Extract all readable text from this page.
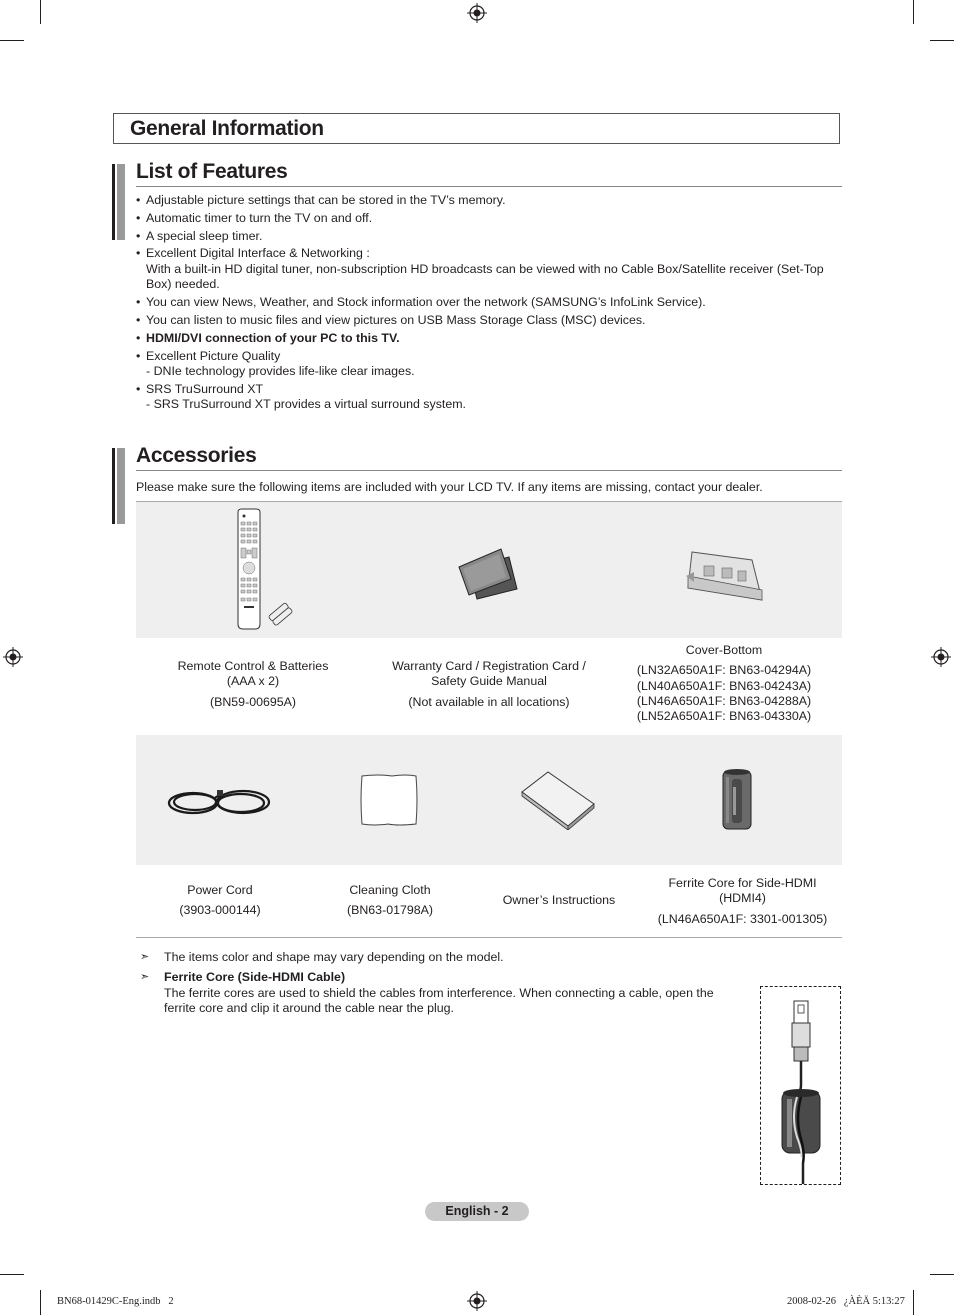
General Information
List of Features
• Adjustable picture settings that can be stored in the TV’s memory.
• Automatic timer to turn the TV on and off.
• A special sleep timer.
• Excellent Digital Interface & Networking :
With a built-in HD digital tuner, non-subscription HD broadcasts can be viewed with no Cable Box/Satellite receiver (Set-Top Box) needed.
• You can view News, Weather, and Stock information over the network (SAMSUNG’s InfoLink Service).
• You can listen to music files and view pictures on USB Mass Storage Class (MSC) devices.
• HDMI/DVI connection of your PC to this TV.
• Excellent Picture Quality
- DNIe technology provides life-like clear images.
• SRS TruSurround XT
- SRS TruSurround XT provides a virtual surround system.
Accessories
Please make sure the following items are included with your LCD TV. If any items are missing, contact your dealer.
Remote Control & Batteries
(AAA x 2)
(BN59-00695A)
Warranty Card / Registration Card /
Safety Guide Manual
(Not available in all locations)
Cover-Bottom
(LN32A650A1F: BN63-04294A)
(LN40A650A1F: BN63-04243A)
(LN46A650A1F: BN63-04288A)
(LN52A650A1F: BN63-04330A)
Power Cord
(3903-000144)
Cleaning Cloth
(BN63-01798A)
Owner’s Instructions
Ferrite Core for Side-HDMI
(HDMI4)
(LN46A650A1F: 3301-001305)
➣ The items color and shape may vary depending on the model.
➣ Ferrite Core (Side-HDMI Cable)
The ferrite cores are used to shield the cables from interference. When connecting a cable, open the ferrite core and clip it around the cable near the plug.
English - 2
BN68-01429C-Eng.indb   2	2008-02-26   ¿ÀÈÄ 5:13:27
